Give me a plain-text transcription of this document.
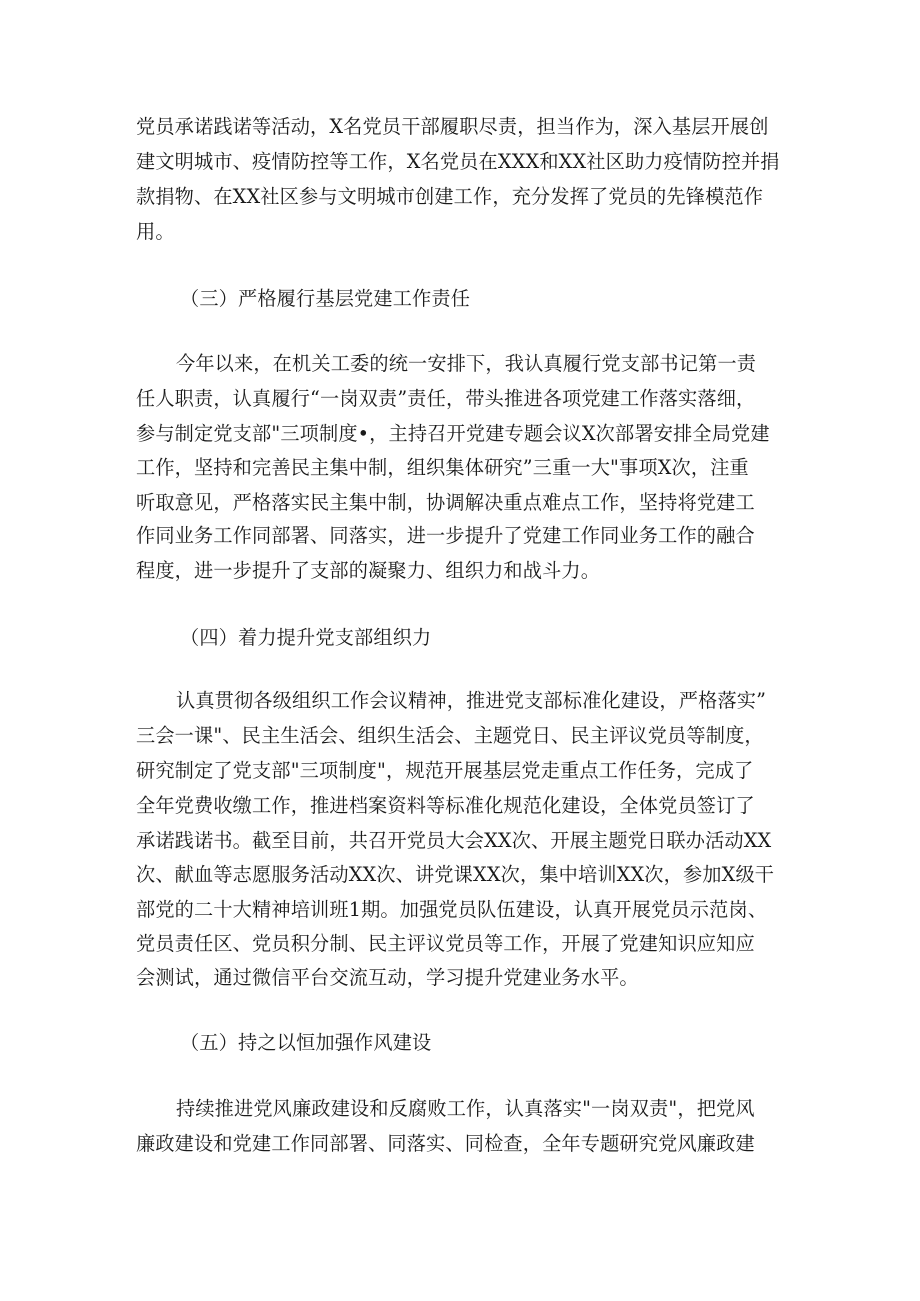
党员承诺践诺等活动，X名党员干部履职尽责，担当作为，深入基层开展创
建文明城市、疫情防控等工作，X名党员在XXX和XX社区助力疫情防控并捐
款捐物、在XX社区参与文明城市创建工作，充分发挥了党员的先锋模范作
用。
（三）严格履行基层党建工作责任
今年以来，在机关工委的统一安排下，我认真履行党支部书记第一责
任人职责，认真履行“一岗双责”责任，带头推进各项党建工作落实落细，
参与制定党支部"三项制度•，主持召开党建专题会议X次部署安排全局党建
工作，坚持和完善民主集中制，组织集体研究”三重一大"事项X次，注重
听取意见，严格落实民主集中制，协调解决重点难点工作，坚持将党建工
作同业务工作同部署、同落实，进一步提升了党建工作同业务工作的融合
程度，进一步提升了支部的凝聚力、组织力和战斗力。
（四）着力提升党支部组织力
认真贯彻各级组织工作会议精神，推进党支部标准化建设，严格落实”
三会一课"、民主生活会、组织生活会、主题党日、民主评议党员等制度，
研究制定了党支部"三项制度"，规范开展基层党走重点工作任务，完成了
全年党费收缴工作，推进档案资料等标准化规范化建设，全体党员签订了
承诺践诺书。截至目前，共召开党员大会XX次、开展主题党日联办活动XX
次、献血等志愿服务活动XX次、讲党课XX次，集中培训XX次，参加X级干
部党的二十大精神培训班1期。加强党员队伍建设，认真开展党员示范岗、
党员责任区、党员积分制、民主评议党员等工作，开展了党建知识应知应
会测试，通过微信平台交流互动，学习提升党建业务水平。
（五）持之以恒加强作风建设
持续推进党风廉政建设和反腐败工作，认真落实"一岗双责"，把党风
廉政建设和党建工作同部署、同落实、同检查，全年专题研究党风廉政建
